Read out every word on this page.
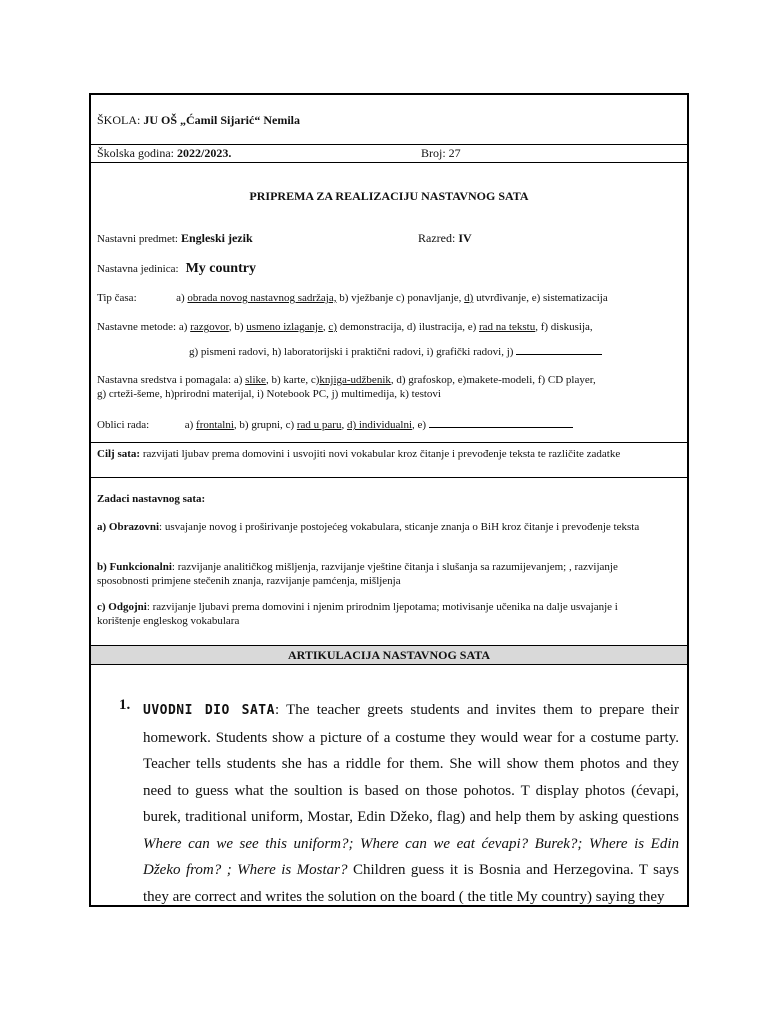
ŠKOLA: JU OŠ „Ćamil Sijarić“ Nemila
Školska godina: 2022/2023.	Broj: 27
PRIPREMA ZA REALIZACIJU NASTAVNOG SATA
Nastavni predmet: Engleski jezik	Razred: IV
Nastavna jedinica: My country
Tip časa:	a) obrada novog nastavnog sadržaja, b) vježbanje c) ponavljanje, d) utvrđivanje, e) sistematizacija
Nastavne metode: a) razgovor, b) usmeno izlaganje, c) demonstracija, d) ilustracija, e) rad na tekstu, f) diskusija,
g) pismeni radovi, h) laboratorijski i praktični radovi, i) grafički radovi, j)
Nastavna sredstva i pomagala: a) slike, b) karte, c)knjiga-udžbenik, d) grafoskop, e)makete-modeli, f) CD player,
g) crteži-šeme, h)prirodni materijal, i) Notebook PC, j) multimedija, k) testovi
Oblici rada:	a) frontalni, b) grupni, c) rad u paru, d) individualni, e)
Cilj sata: razvijati ljubav prema domovini i usvojiti novi vokabular kroz čitanje i prevođenje teksta te različite zadatke
Zadaci nastavnog sata:
a) Obrazovni: usvajanje novog i proširivanje postojećeg vokabulara, sticanje znanja o BiH kroz čitanje i prevođenje teksta
b) Funkcionalni: razvijanje analitičkog mišljenja, razvijanje vještine čitanja i slušanja sa razumijevanjem; , razvijanje sposobnosti primjene stečenih znanja, razvijanje pamćenja, mišljenja
c) Odgojni: razvijanje ljubavi prema domovini i njenim prirodnim ljepotama; motivisanje učenika na dalje usvajanje i korištenje engleskog vokabulara
ARTIKULACIJA NASTAVNOG SATA
1. UVODNI DIO SATA: The teacher greets students and invites them to prepare their homework. Students show a picture of a costume they would wear for a costume party. Teacher tells students she has a riddle for them. She will show them photos and they need to guess what the soultion is based on those pohotos. T display photos (ćevapi, burek, traditional uniform, Mostar, Edin Džeko, flag) and help them by asking questions Where can we see this uniform?; Where can we eat ćevapi? Burek?; Where is Edin Džeko from? ; Where is Mostar? Children guess it is Bosnia and Herzegovina. T says they are correct and writes the solution on the board ( the title My country) saying they
